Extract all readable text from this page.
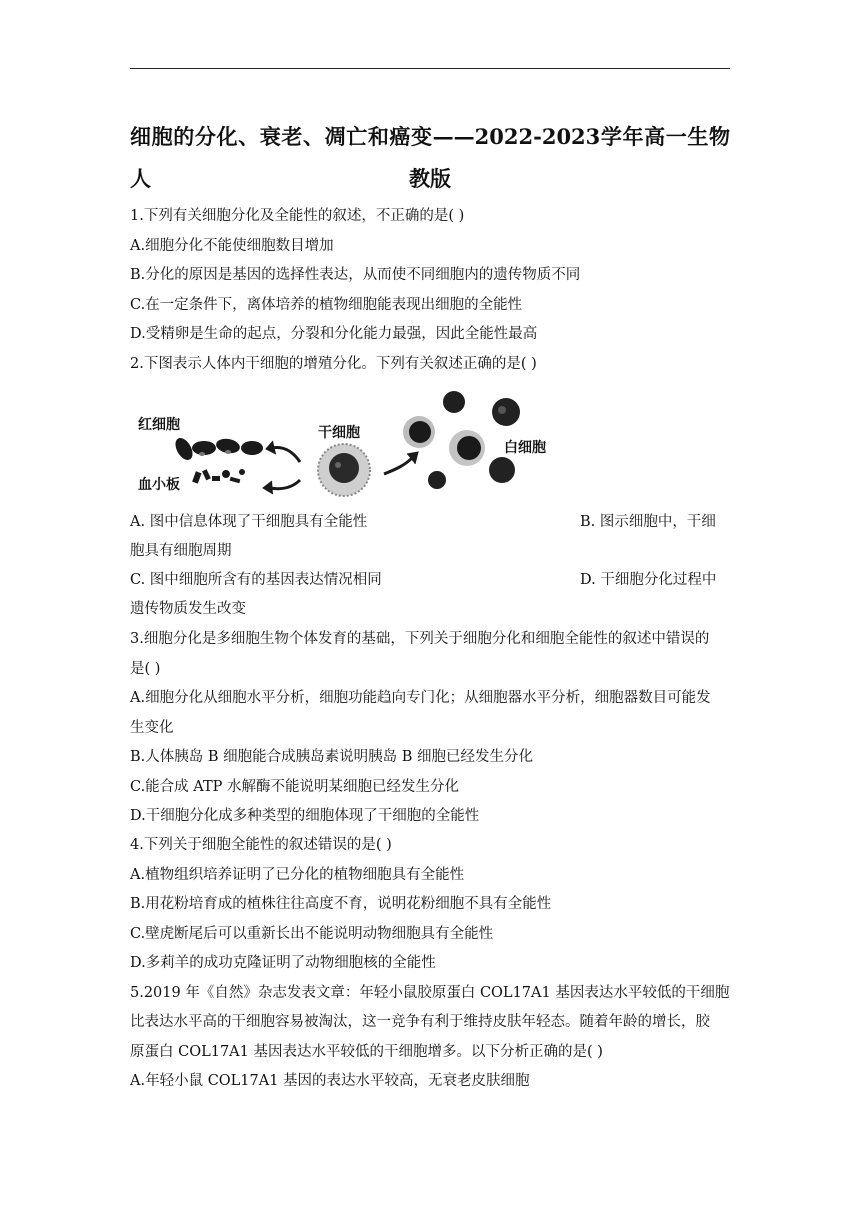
细胞的分化、衰老、凋亡和癌变——2022-2023学年高一生物人	教版
1.下列有关细胞分化及全能性的叙述，不正确的是( )
A.细胞分化不能使细胞数目增加
B.分化的原因是基因的选择性表达，从而使不同细胞内的遗传物质不同
C.在一定条件下，离体培养的植物细胞能表现出细胞的全能性
D.受精卵是生命的起点，分裂和分化能力最强，因此全能性最高
2.下图表示人体内干细胞的增殖分化。下列有关叙述正确的是( )
红细胞
血小板
干细胞
白细胞
A. 图中信息体现了干细胞具有全能性	B. 图示细胞中，干细
胞具有细胞周期
C. 图中细胞所含有的基因表达情况相同	D. 干细胞分化过程中
遗传物质发生改变
3.细胞分化是多细胞生物个体发育的基础，下列关于细胞分化和细胞全能性的叙述中错误的
是( )
A.细胞分化从细胞水平分析，细胞功能趋向专门化；从细胞器水平分析，细胞器数目可能发
生变化
B.人体胰岛 B 细胞能合成胰岛素说明胰岛 B 细胞已经发生分化
C.能合成 ATP 水解酶不能说明某细胞已经发生分化
D.干细胞分化成多种类型的细胞体现了干细胞的全能性
4.下列关于细胞全能性的叙述错误的是( )
A.植物组织培养证明了已分化的植物细胞具有全能性
B.用花粉培育成的植株往往高度不育，说明花粉细胞不具有全能性
C.壁虎断尾后可以重新长出不能说明动物细胞具有全能性
D.多莉羊的成功克隆证明了动物细胞核的全能性
5.2019 年《自然》杂志发表文章：年轻小鼠胶原蛋白 COL17A1 基因表达水平较低的干细胞
比表达水平高的干细胞容易被淘汰，这一竞争有利于维持皮肤年轻态。随着年龄的增长，胶
原蛋白 COL17A1 基因表达水平较低的干细胞增多。以下分析正确的是( )
A.年轻小鼠 COL17A1 基因的表达水平较高，无衰老皮肤细胞
